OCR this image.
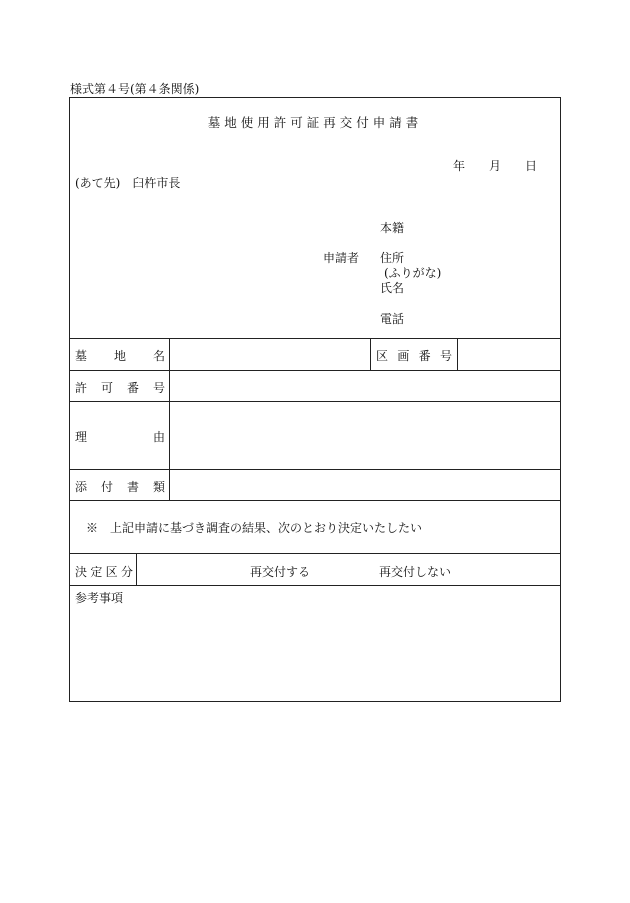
様式第４号(第４条関係)
墓地使用許可証再交付申請書
年 月 日
(あて先)　臼杵市長
申請者
本籍
住所
(ふりがな)
氏名
電話
墓地名	区画番号
許可番号
理由
添付書類
※　上記申請に基づき調査の結果、次のとおり決定いたしたい
決定区分	再交付する	再交付しない
参考事項
